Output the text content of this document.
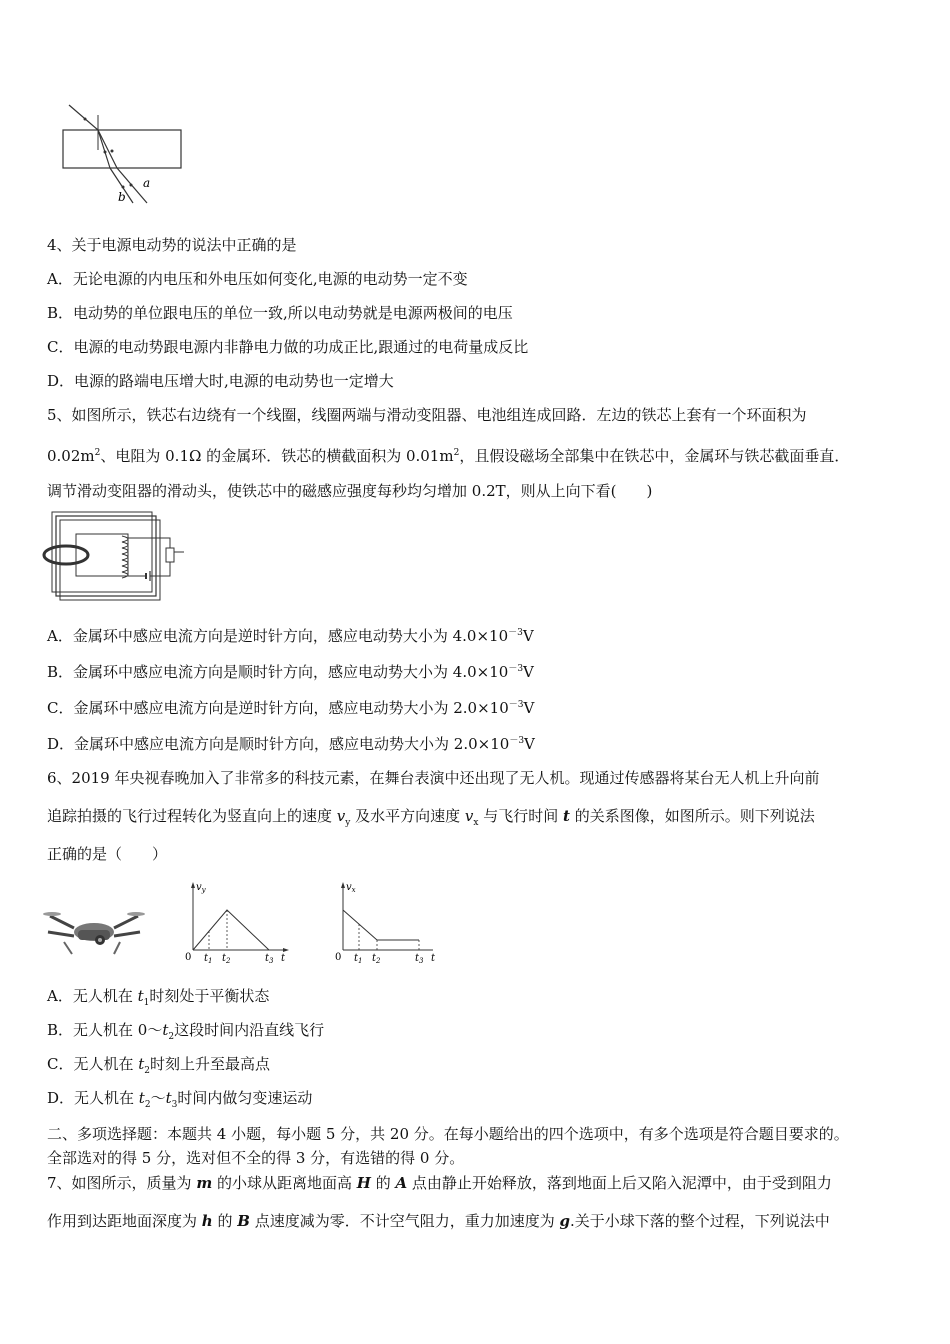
a
b
4、关于电源电动势的说法中正确的是
A．无论电源的内电压和外电压如何变化,电源的电动势一定不变
B．电动势的单位跟电压的单位一致,所以电动势就是电源两极间的电压
C．电源的电动势跟电源内非静电力做的功成正比,跟通过的电荷量成反比
D．电源的路端电压增大时,电源的电动势也一定增大
5、如图所示，铁芯右边绕有一个线圈，线圈两端与滑动变阻器、电池组连成回路．左边的铁芯上套有一个环面积为
$0.02m^2$、电阻为 0.1Ω 的金属环．铁芯的横截面积为 $0.01m^2$，且假设磁场全部集中在铁芯中，金属环与铁芯截面垂直．
调节滑动变阻器的滑动头，使铁芯中的磁感应强度每秒均匀增加 0.2T，则从上向下看(　　)
A．金属环中感应电流方向是逆时针方向，感应电动势大小为 $4.0\times 10^{-3}V$
B．金属环中感应电流方向是顺时针方向，感应电动势大小为 $4.0\times 10^{-3}V$
C．金属环中感应电流方向是逆时针方向，感应电动势大小为 $2.0\times 10^{-3}V$
D．金属环中感应电流方向是顺时针方向，感应电动势大小为 $2.0\times 10^{-3}V$
6、2019 年央视春晚加入了非常多的科技元素，在舞台表演中还出现了无人机。现通过传感器将某台无人机上升向前
追踪拍摄的飞行过程转化为竖直向上的速度 $v_y$ 及水平方向速度 $v_x$ 与飞行时间 t 的关系图像，如图所示。则下列说法
正确的是（　　）
$v_y$
0 $t_1$ $t_2$	$t_3$ t
$v_x$
0 $t_1$ $t_2$	$t_3$ t
A．无人机在 $t_1$时刻处于平衡状态
B．无人机在 $0\sim t_2$这段时间内沿直线飞行
C．无人机在 $t_2$时刻上升至最高点
D．无人机在 $t_2\sim t_3$时间内做匀变速运动
二、多项选择题：本题共 4 小题，每小题 5 分，共 20 分。在每小题给出的四个选项中，有多个选项是符合题目要求的。
全部选对的得 5 分，选对但不全的得 3 分，有选错的得 0 分。
7、如图所示，质量为 m 的小球从距离地面高 H 的 A 点由静止开始释放，落到地面上后又陷入泥潭中，由于受到阻力
作用到达距地面深度为 h 的 B 点速度减为零．不计空气阻力，重力加速度为 g.关于小球下落的整个过程，下列说法中
